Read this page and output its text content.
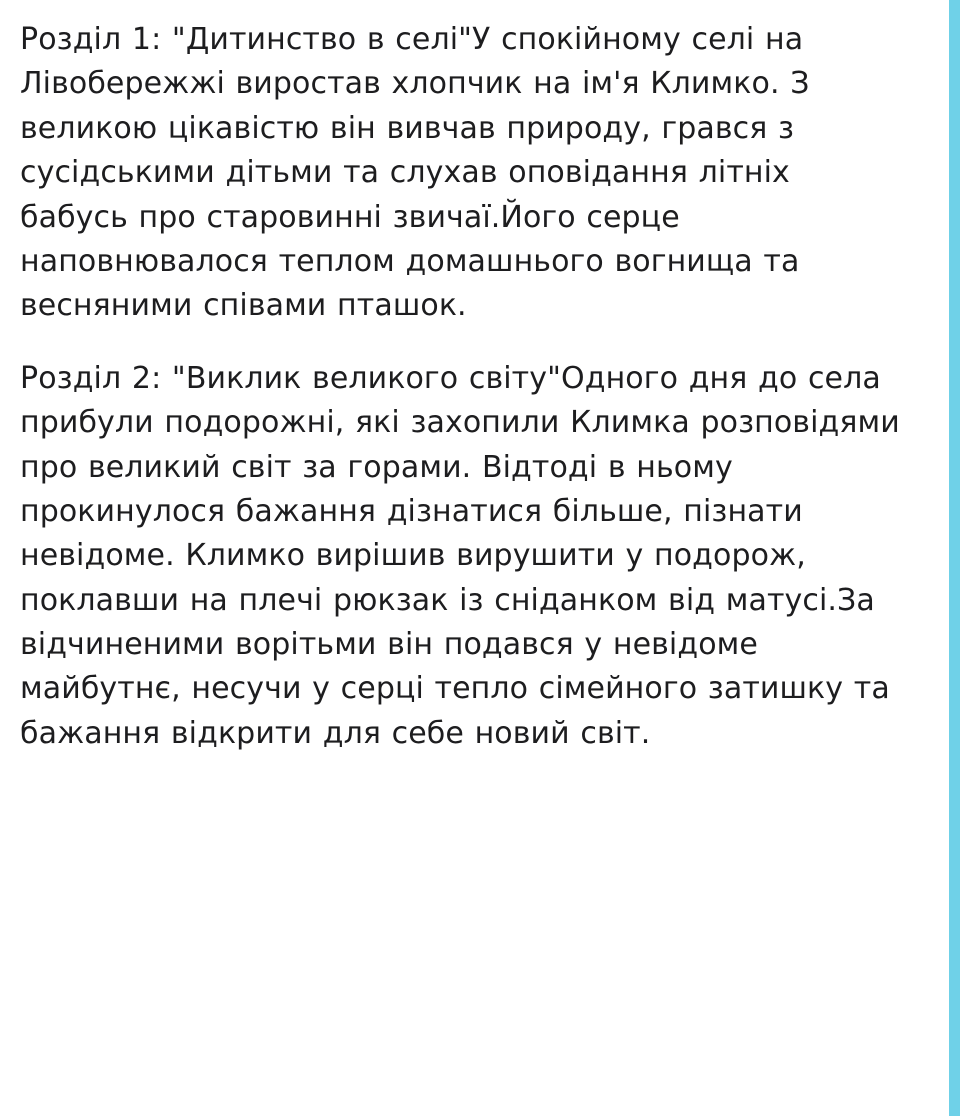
Розділ 1: "Дитинство в селі"У спокійному селі на Лівобережжі виростав хлопчик на ім'я Климко. З великою цікавістю він вивчав природу, грався з сусідськими дітьми та слухав оповідання літніх бабусь про старовинні звичаї.Його серце наповнювалося теплом домашнього вогнища та весняними співами пташок.

Розділ 2: "Виклик великого світу"Одного дня до села прибули подорожні, які захопили Климка розповідями про великий світ за горами. Відтоді в ньому прокинулося бажання дізнатися більше, пізнати невідоме. Климко вирішив вирушити у подорож, поклавши на плечі рюкзак із сніданком від матусі.За відчиненими ворітьми він подався у невідоме майбутнє, несучи у серці тепло сімейного затишку та бажання відкрити для себе новий світ.
